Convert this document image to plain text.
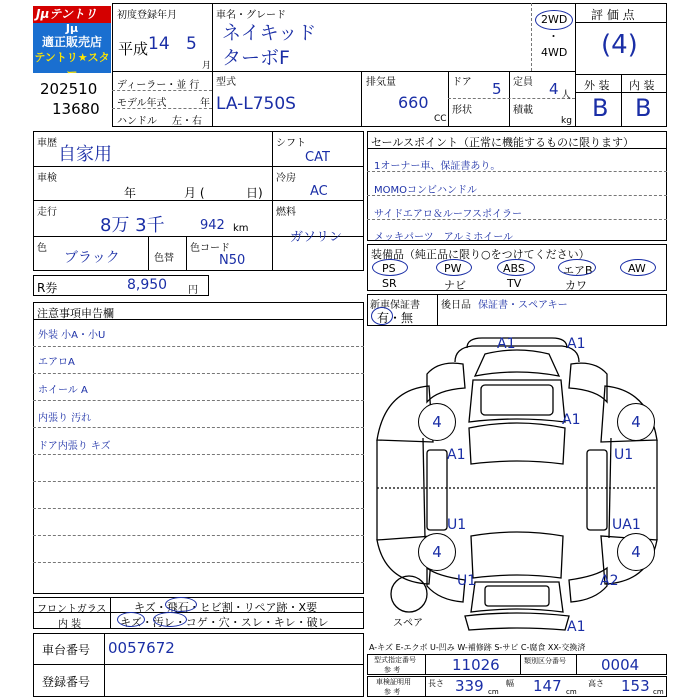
Jμテントリ
Jμ
適正販売店
テントリ★スター
202510
13680
初度登録年月
平成 14 5
月
車名・グレード
ネイキッド
ターボF
2WD
・
4WD
評 価 点
(4)
外 装 内 装
B B
ディーラー・並 行
モデル年式	年
ハンドル 左・右
型式
LA-L750S
排気量
660
CC
ドア 5 定員 4 人
形状	積載
kg
車歴
自家用
シフト
CAT
車検
年	月 (	日)
冷房
AC
走行
8万 3千	942 km
燃料
ガソリン
色
ブラック	色替
色コード
N50
R券	8,950 円
セールスポイント（正常に機能するものに限ります）
1オーナー車、保証書あり。
MOMOコンビハンドル
サイドエアロ＆ルーフスポイラー
メッキパーツ　アルミホイール
装備品（純正品に限り○をつけてください）
PS	PW	ABS	エアB	AW
SR	ナビ	TV	カワ
新車保証書
有・無
後日品 保証書・スペアキー
注意事項申告欄
外装 小A・小U
エアロA
ホイール A
内張り 汚れ
ドア内張り キズ
A1	A1
4	A1	4
A1	U1
U1	UA1
4	4
U1	A2
A1
スペア
フロントガラス	キズ・飛石・ヒビ割・リペア跡・X要
内 装	キズ・汚レ・コゲ・穴・スレ・キレ・破レ
車台番号 0057672
登録番号
A-キズ E-エクボ U-凹み W-補修跡 S-サビ C-腐食 XX-交換済
型式指定番号
参 考	11026	類別区分番号 0004
車検証明用
参 考
長さ 339 cm
幅 147 cm
高さ 153 cm
